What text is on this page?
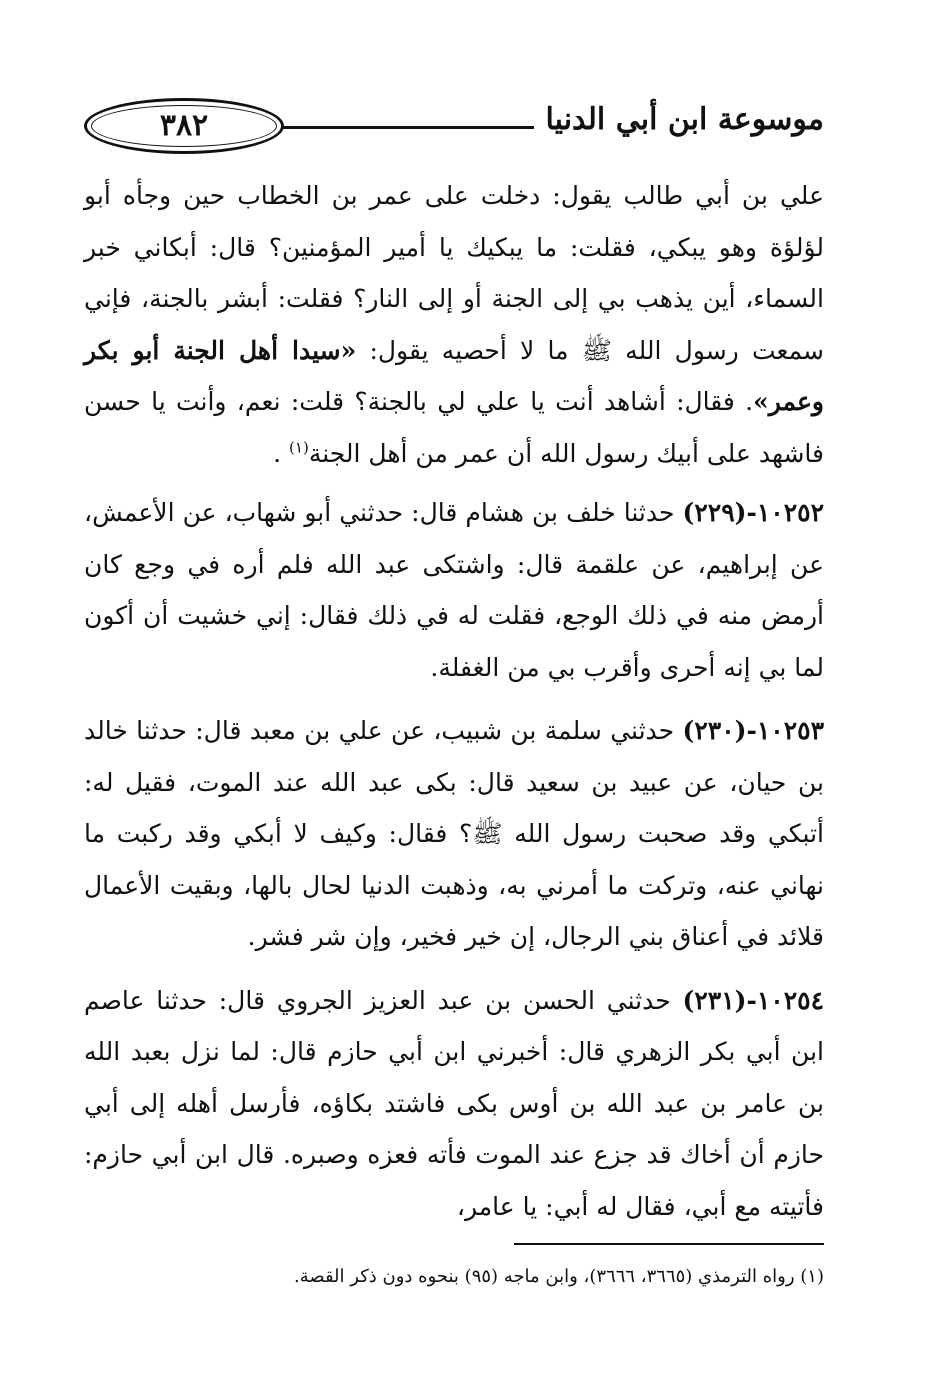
٣٨٢	موسوعة ابن أبي الدنيا

علي بن أبي طالب يقول: دخلت على عمر بن الخطاب حين وجأه أبو لؤلؤة وهو يبكي، فقلت: ما يبكيك يا أمير المؤمنين؟ قال: أبكاني خبر السماء، أين يذهب بي إلى الجنة أو إلى النار؟ فقلت: أبشر بالجنة، فإني سمعت رسول الله ﷺ ما لا أحصيه يقول: «سيدا أهل الجنة أبو بكر وعمر». فقال: أشاهد أنت يا علي لي بالجنة؟ قلت: نعم، وأنت يا حسن فاشهد على أبيك رسول الله أن عمر من أهل الجنة$^{(١)}$ .

١٠٢٥٢-(٢٢٩) حدثنا خلف بن هشام قال: حدثني أبو شهاب، عن الأعمش، عن إبراهيم، عن علقمة قال: واشتكى عبد الله فلم أره في وجع كان أرمض منه في ذلك الوجع، فقلت له في ذلك فقال: إني خشيت أن أكون لما بي إنه أحرى وأقرب بي من الغفلة.

١٠٢٥٣-(٢٣٠) حدثني سلمة بن شبيب، عن علي بن معبد قال: حدثنا خالد بن حيان، عن عبيد بن سعيد قال: بكى عبد الله عند الموت، فقيل له: أتبكي وقد صحبت رسول الله ﷺ؟ فقال: وكيف لا أبكي وقد ركبت ما نهاني عنه، وتركت ما أمرني به، وذهبت الدنيا لحال بالها، وبقيت الأعمال قلائد في أعناق بني الرجال، إن خير فخير، وإن شر فشر.

١٠٢٥٤-(٢٣١) حدثني الحسن بن عبد العزيز الجروي قال: حدثنا عاصم ابن أبي بكر الزهري قال: أخبرني ابن أبي حازم قال: لما نزل بعبد الله بن عامر بن عبد الله بن أوس بكى فاشتد بكاؤه، فأرسل أهله إلى أبي حازم أن أخاك قد جزع عند الموت فأته فعزه وصبره. قال ابن أبي حازم: فأتيته مع أبي، فقال له أبي: يا عامر،

(١) رواه الترمذي (٣٦٦٥، ٣٦٦٦)، وابن ماجه (٩٥) بنحوه دون ذكر القصة.
